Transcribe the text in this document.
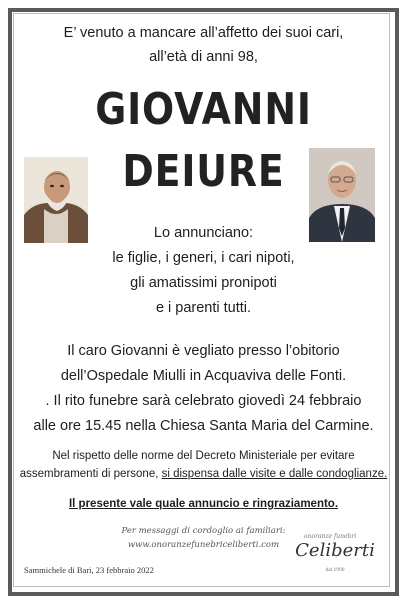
E’ venuto a mancare all’affetto dei suoi cari,
all’età di anni 98,
GIOVANNI
DEIURE
Lo annunciano:
le figlie, i generi, i cari nipoti,
gli amatissimi pronipoti
e i parenti tutti.
Il caro Giovanni è vegliato presso l’obitorio
dell’Ospedale Miulli in Acquaviva delle Fonti.
. Il rito funebre sarà celebrato giovedì 24 febbraio
alle ore 15.45 nella Chiesa Santa Maria del Carmine.
Nel rispetto delle norme del Decreto Ministeriale per evitare
assembramenti di persone, si dispensa dalle visite e dalle condoglianze.
Il presente vale quale annuncio e ringraziamento.
Per messaggi di cordoglio ai familiari:
www.onoranzefunebriceliberti.com
Sammichele di Bari, 23 febbraio 2022
onoranze funebri
Celiberti
dal 1990
